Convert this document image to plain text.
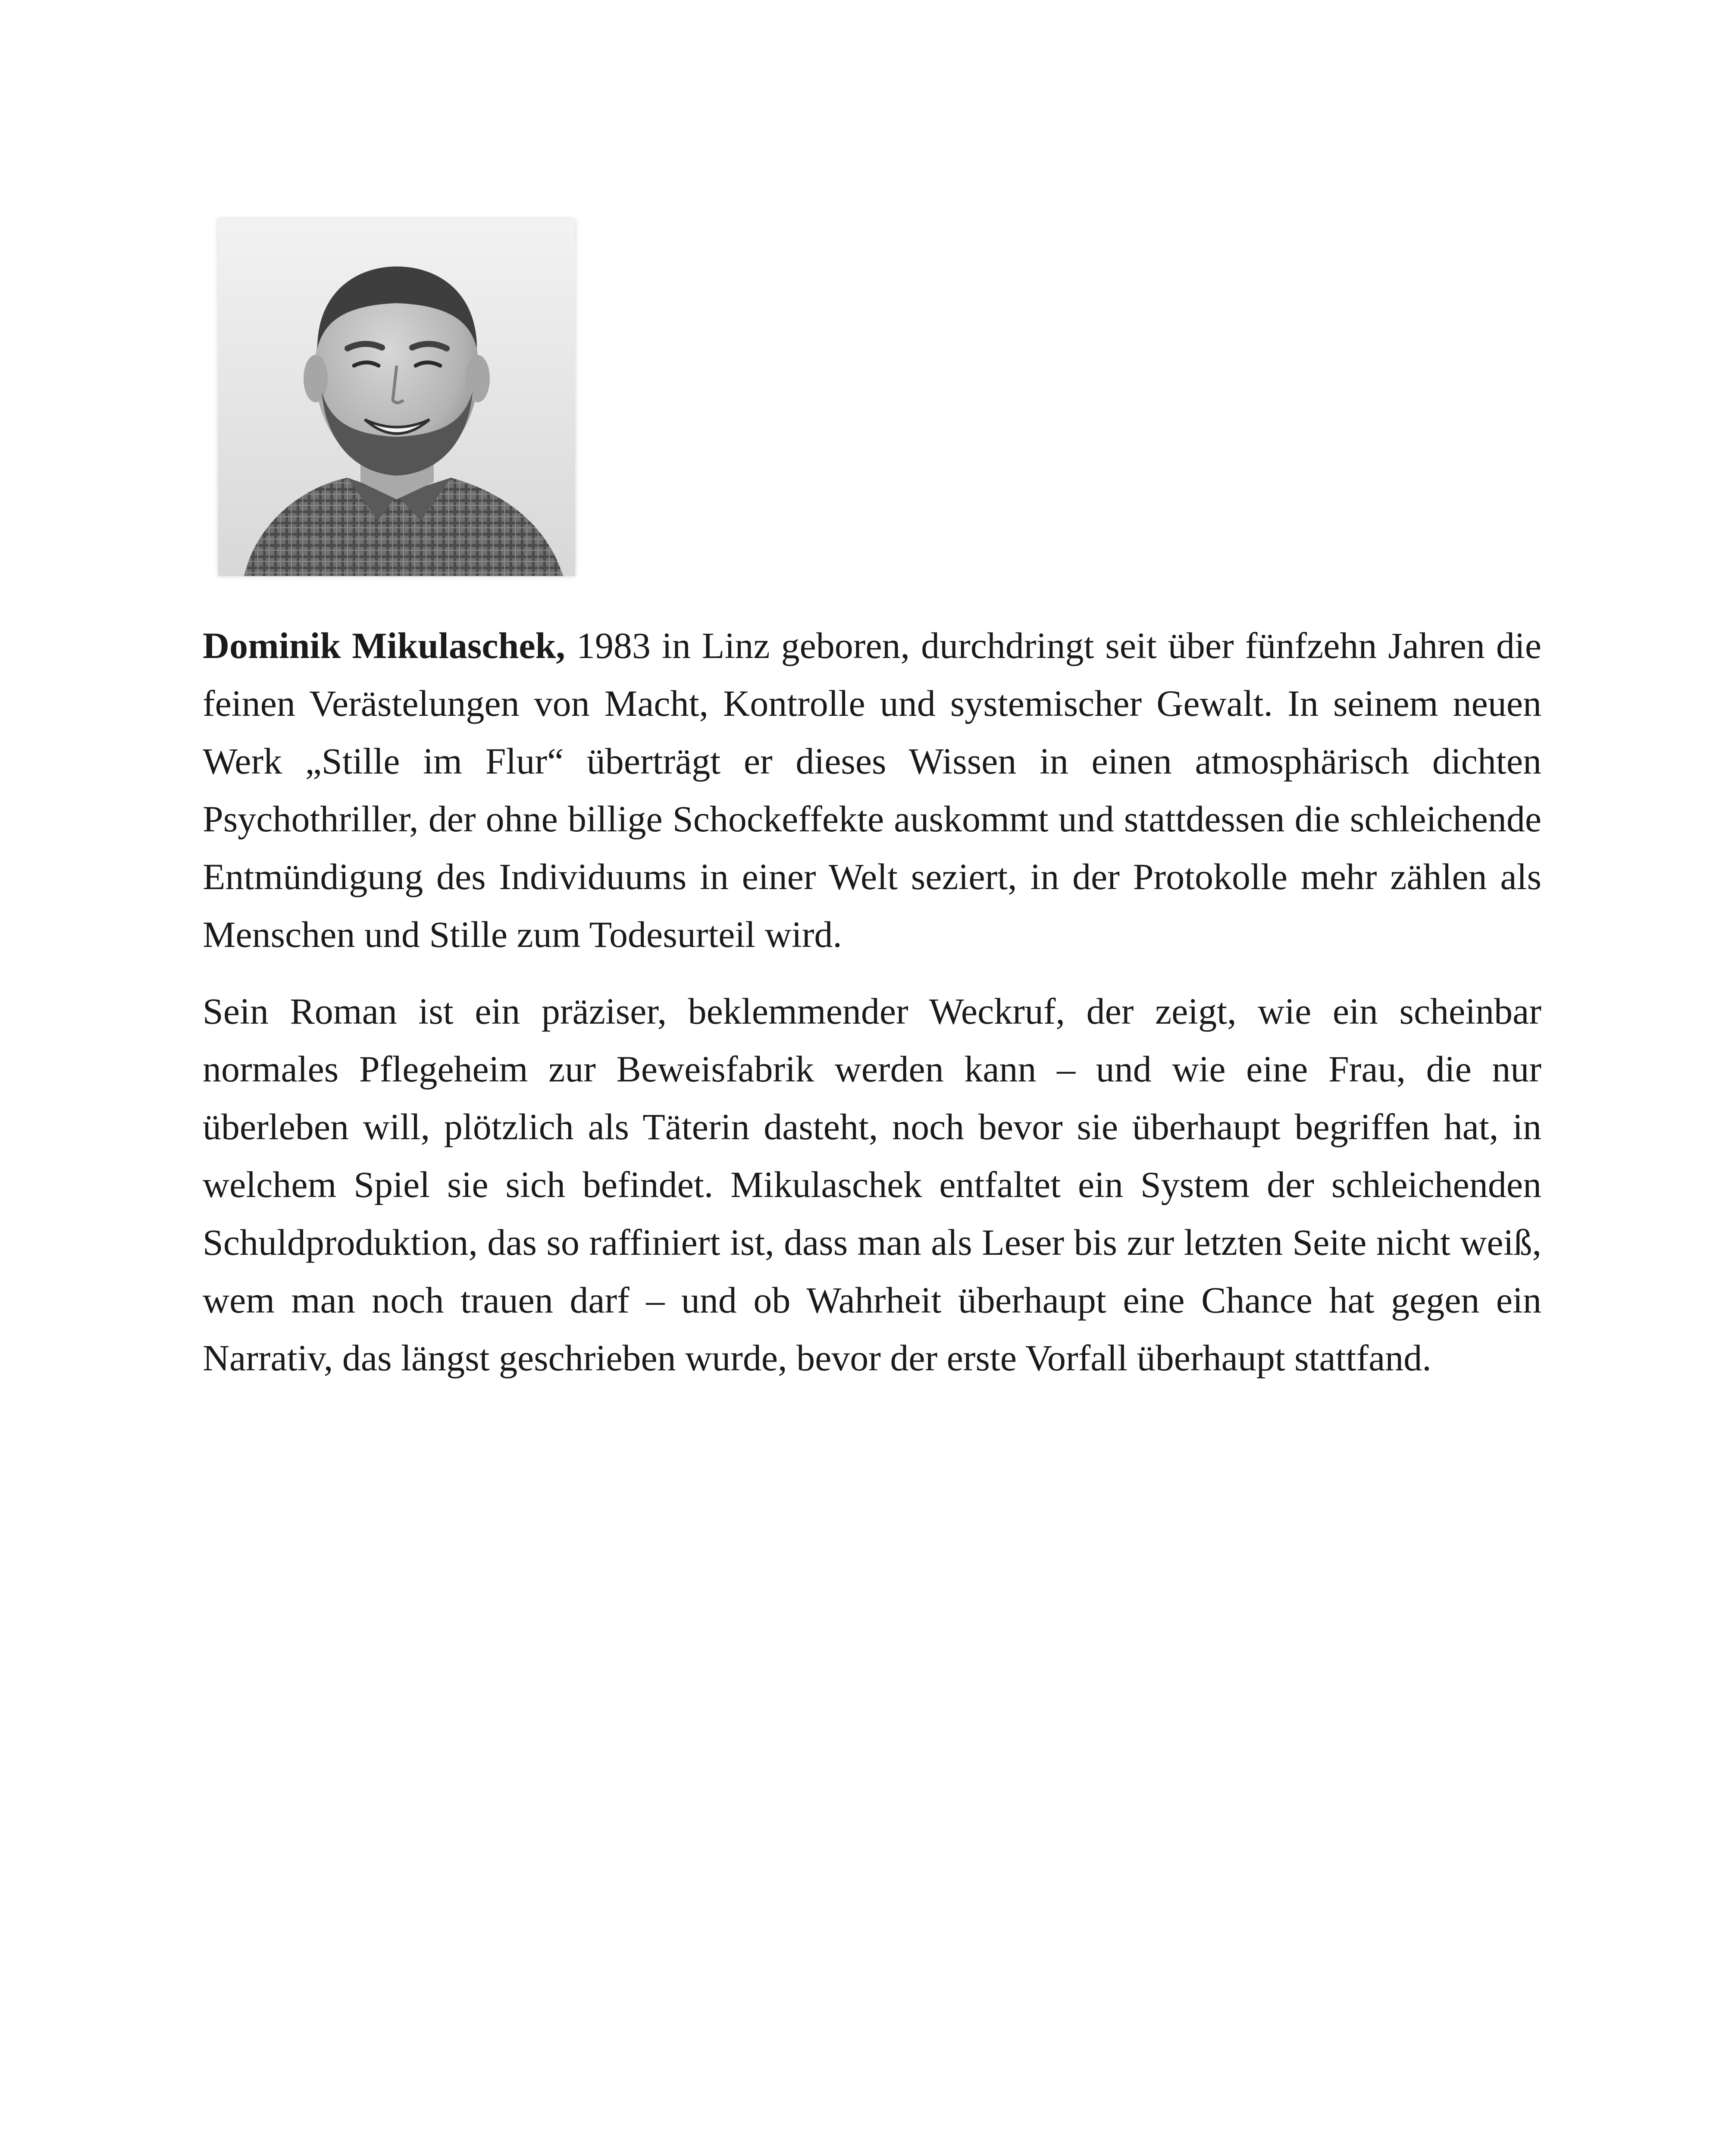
Dominik Mikulaschek, 1983 in Linz geboren, durchdringt seit über fünfzehn Jahren die feinen Verästelungen von Macht, Kontrolle und systemischer Gewalt. In seinem neuen Werk „Stille im Flur“ überträgt er dieses Wissen in einen atmosphärisch dichten Psychothriller, der ohne billige Schockeffekte auskommt und stattdessen die schleichende Entmündigung des Individuums in einer Welt seziert, in der Protokolle mehr zählen als Menschen und Stille zum Todesurteil wird.

Sein Roman ist ein präziser, beklemmender Weckruf, der zeigt, wie ein scheinbar normales Pflegeheim zur Beweisfabrik werden kann – und wie eine Frau, die nur überleben will, plötzlich als Täterin dasteht, noch bevor sie überhaupt begriffen hat, in welchem Spiel sie sich befindet. Mikulaschek entfaltet ein System der schleichenden Schuldproduktion, das so raffiniert ist, dass man als Leser bis zur letzten Seite nicht weiß, wem man noch trauen darf – und ob Wahrheit überhaupt eine Chance hat gegen ein Narrativ, das längst geschrieben wurde, bevor der erste Vorfall überhaupt stattfand.
